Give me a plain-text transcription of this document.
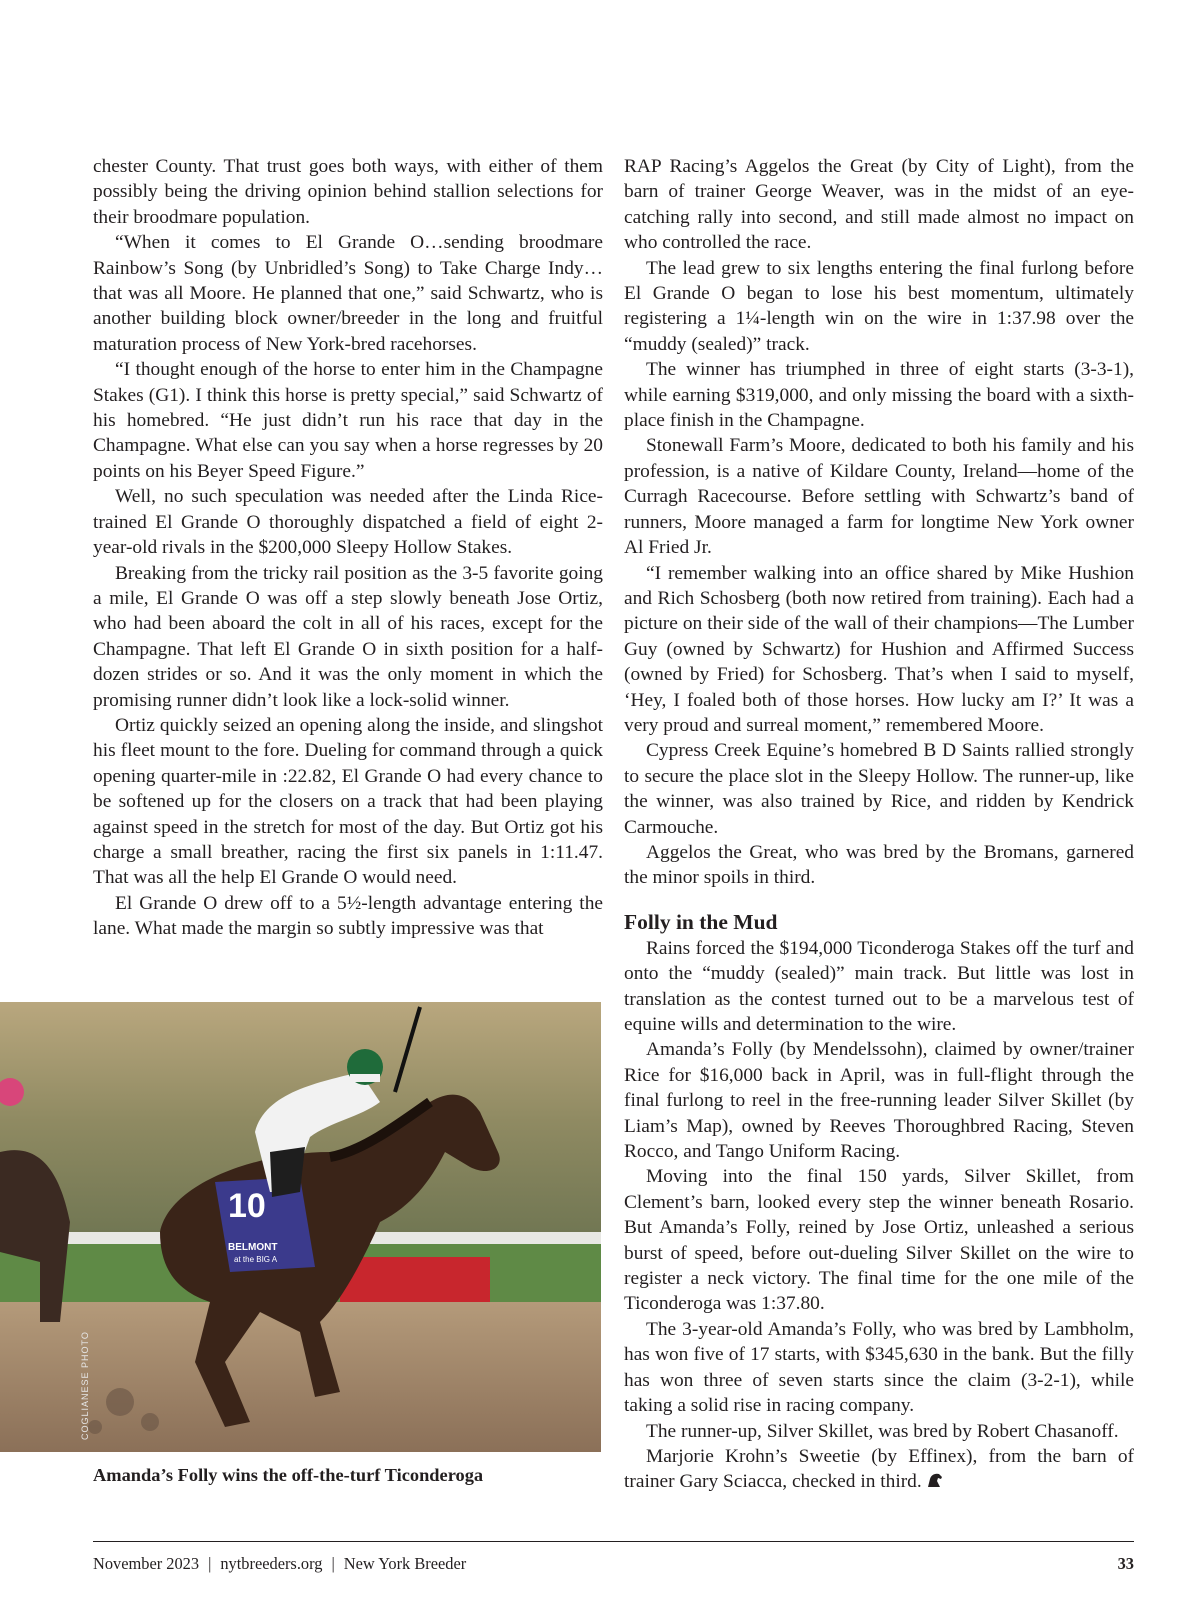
chester County. That trust goes both ways, with either of them possibly being the driving opinion behind stallion selections for their broodmare population.

“When it comes to El Grande O…sending broodmare Rainbow’s Song (by Unbridled’s Song) to Take Charge Indy…that was all Moore. He planned that one,” said Schwartz, who is another building block owner/breeder in the long and fruitful maturation process of New York-bred racehorses.

“I thought enough of the horse to enter him in the Champagne Stakes (G1). I think this horse is pretty special,” said Schwartz of his homebred. “He just didn’t run his race that day in the Champagne. What else can you say when a horse regresses by 20 points on his Beyer Speed Figure.”

Well, no such speculation was needed after the Linda Rice-trained El Grande O thoroughly dispatched a field of eight 2-year-old rivals in the $200,000 Sleepy Hollow Stakes.

Breaking from the tricky rail position as the 3-5 favorite going a mile, El Grande O was off a step slowly beneath Jose Ortiz, who had been aboard the colt in all of his races, except for the Champagne. That left El Grande O in sixth position for a half-dozen strides or so. And it was the only moment in which the promising runner didn’t look like a lock-solid winner.

Ortiz quickly seized an opening along the inside, and slingshot his fleet mount to the fore. Dueling for command through a quick opening quarter-mile in :22.82, El Grande O had every chance to be softened up for the closers on a track that had been playing against speed in the stretch for most of the day. But Ortiz got his charge a small breather, racing the first six panels in 1:11.47. That was all the help El Grande O would need.

El Grande O drew off to a 5½-length advantage entering the lane. What made the margin so subtly impressive was that

RAP Racing’s Aggelos the Great (by City of Light), from the barn of trainer George Weaver, was in the midst of an eye-catching rally into second, and still made almost no impact on who controlled the race.

The lead grew to six lengths entering the final furlong before El Grande O began to lose his best momentum, ultimately registering a 1¼-length win on the wire in 1:37.98 over the “muddy (sealed)” track.

The winner has triumphed in three of eight starts (3-3-1), while earning $319,000, and only missing the board with a sixth-place finish in the Champagne.

Stonewall Farm’s Moore, dedicated to both his family and his profession, is a native of Kildare County, Ireland—home of the Curragh Racecourse. Before settling with Schwartz’s band of runners, Moore managed a farm for longtime New York owner Al Fried Jr.

“I remember walking into an office shared by Mike Hushion and Rich Schosberg (both now retired from training). Each had a picture on their side of the wall of their champions—The Lumber Guy (owned by Schwartz) for Hushion and Affirmed Success (owned by Fried) for Schosberg. That’s when I said to myself, ‘Hey, I foaled both of those horses. How lucky am I?’ It was a very proud and surreal moment,” remembered Moore.

Cypress Creek Equine’s homebred B D Saints rallied strongly to secure the place slot in the Sleepy Hollow. The runner-up, like the winner, was also trained by Rice, and ridden by Kendrick Carmouche.

Aggelos the Great, who was bred by the Bromans, garnered the minor spoils in third.

Folly in the Mud

Rains forced the $194,000 Ticonderoga Stakes off the turf and onto the “muddy (sealed)” main track. But little was lost in translation as the contest turned out to be a marvelous test of equine wills and determination to the wire.

Amanda’s Folly (by Mendelssohn), claimed by owner/trainer Rice for $16,000 back in April, was in full-flight through the final furlong to reel in the free-running leader Silver Skillet (by Liam’s Map), owned by Reeves Thoroughbred Racing, Steven Rocco, and Tango Uniform Racing.

Moving into the final 150 yards, Silver Skillet, from Clement’s barn, looked every step the winner beneath Rosario. But Amanda’s Folly, reined by Jose Ortiz, unleashed a serious burst of speed, before out-dueling Silver Skillet on the wire to register a neck victory. The final time for the one mile of the Ticonderoga was 1:37.80.

The 3-year-old Amanda’s Folly, who was bred by Lambholm, has won five of 17 starts, with $345,630 in the bank. But the filly has won three of seven starts since the claim (3-2-1), while taking a solid rise in racing company.

The runner-up, Silver Skillet, was bred by Robert Chasanoff.

Marjorie Krohn’s Sweetie (by Effinex), from the barn of trainer Gary Sciacca, checked in third.

10
BELMONT
at the BIG A
COGLIANESE PHOTO
Amanda’s Folly wins the off-the-turf Ticonderoga
November 2023 | nytbreeders.org | New York Breeder	33
